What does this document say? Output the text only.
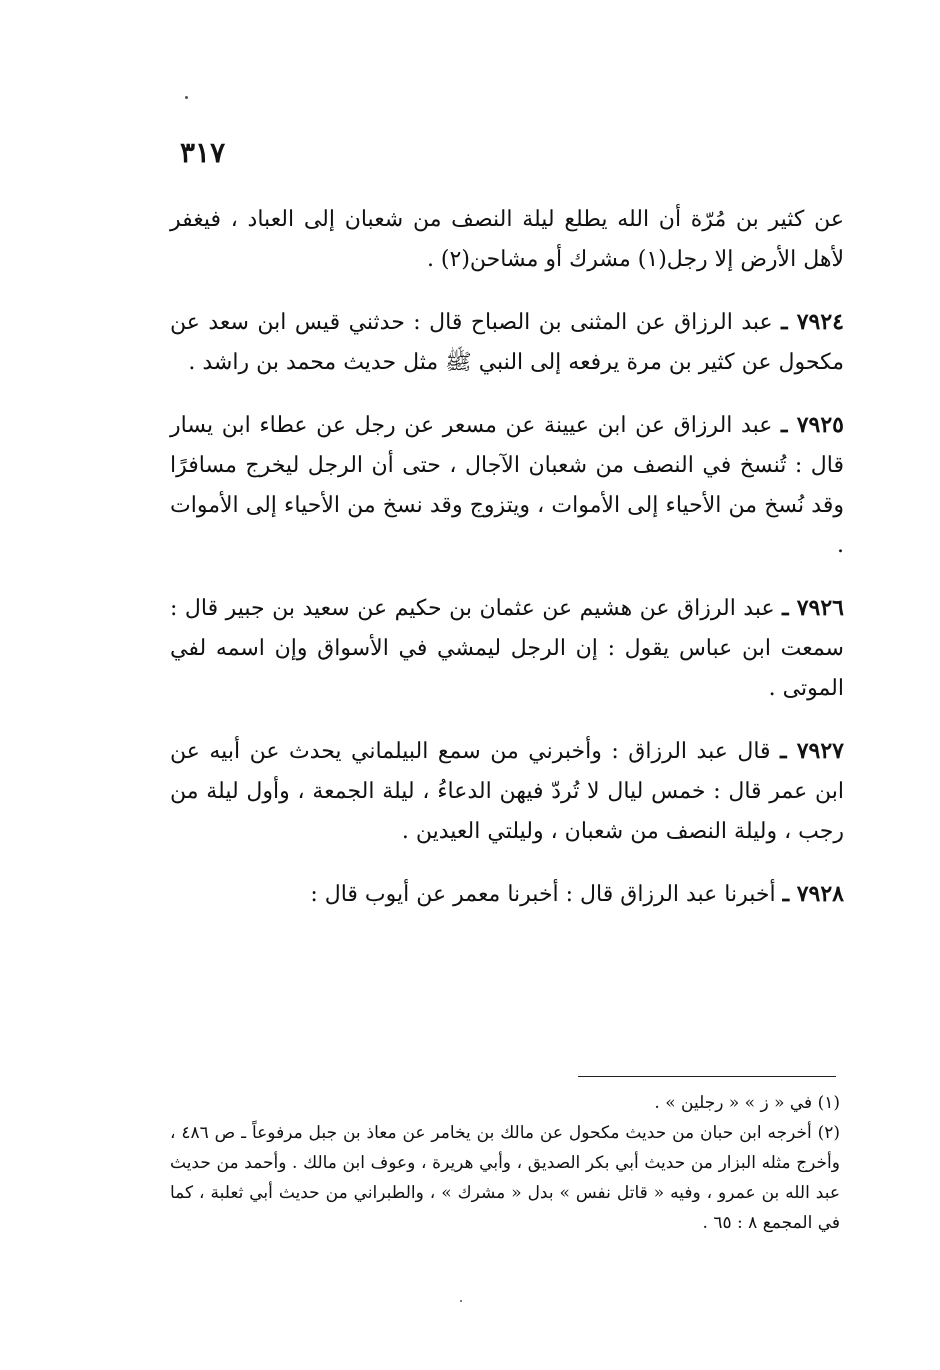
٣١٧

عن كثير بن مُرّة أن الله يطلع ليلة النصف من شعبان إلى العباد ، فيغفر لأهل الأرض إلا رجل(١) مشرك أو مشاحن(٢) .

٧٩٢٤ ـ عبد الرزاق عن المثنى بن الصباح قال : حدثني قيس ابن سعد عن مكحول عن كثير بن مرة يرفعه إلى النبي ﷺ مثل حديث محمد بن راشد .

٧٩٢٥ ـ عبد الرزاق عن ابن عيينة عن مسعر عن رجل عن عطاء ابن يسار قال : تُنسخ في النصف من شعبان الآجال ، حتى أن الرجل ليخرج مسافرًا وقد نُسخ من الأحياء إلى الأموات ، ويتزوج وقد نسخ من الأحياء إلى الأموات .

٧٩٢٦ ـ عبد الرزاق عن هشيم عن عثمان بن حكيم عن سعيد بن جبير قال : سمعت ابن عباس يقول : إن الرجل ليمشي في الأسواق وإن اسمه لفي الموتى .

٧٩٢٧ ـ قال عبد الرزاق : وأخبرني من سمع البيلماني يحدث عن أبيه عن ابن عمر قال : خمس ليال لا تُردّ فيهن الدعاءُ ، ليلة الجمعة ، وأول ليلة من رجب ، وليلة النصف من شعبان ، وليلتي العيدين .

٧٩٢٨ ـ أخبرنا عبد الرزاق قال : أخبرنا معمر عن أيوب قال :

(١) في « ز » « رجلين » .

(٢) أخرجه ابن حبان من حديث مكحول عن مالك بن يخامر عن معاذ بن جبل مرفوعاً ـ ص ٤٨٦ ، وأخرج مثله البزار من حديث أبي بكر الصديق ، وأبي هريرة ، وعوف ابن مالك . وأحمد من حديث عبد الله بن عمرو ، وفيه « قاتل نفس » بدل « مشرك » ، والطبراني من حديث أبي ثعلبة ، كما في المجمع ٨ : ٦٥ .
